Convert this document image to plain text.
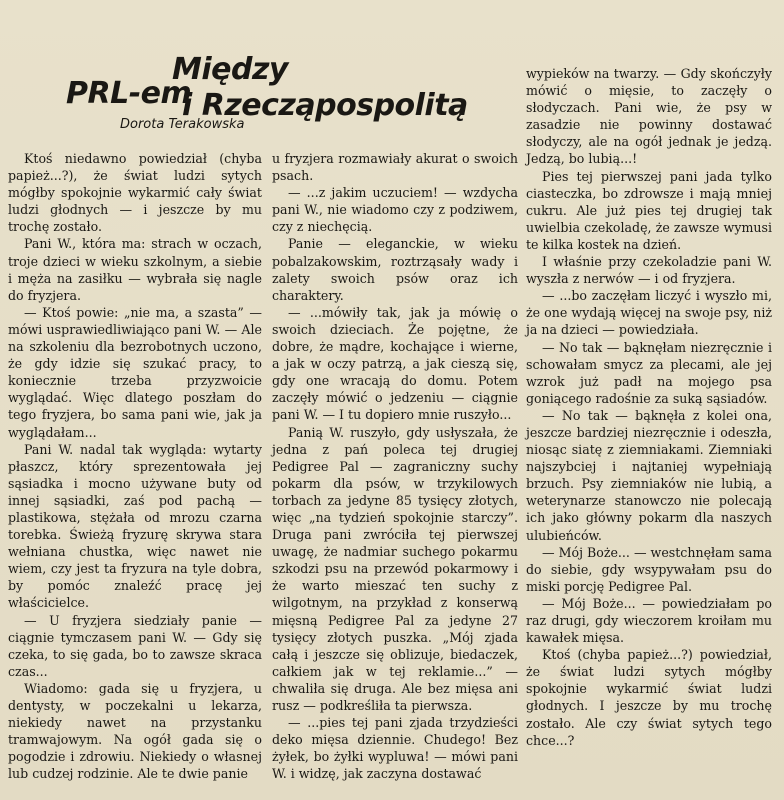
Między
PRL-em
i Rzecząpospolitą
Dorota Terakowska

Ktoś niedawno powiedział (chyba papież...?), że świat ludzi sytych mógłby spokojnie wykarmić cały świat ludzi głodnych — i jeszcze by mu trochę zostało.

Pani W., która ma: strach w oczach, troje dzieci w wieku szkolnym, a siebie i męża na zasiłku — wybrała się nagle do fryzjera.

— Ktoś powie: „nie ma, a szasta” — mówi usprawiedliwiająco pani W. — Ale na szkoleniu dla bezrobotnych uczono, że gdy idzie się szukać pracy, to koniecznie trzeba przyzwoicie wyglądać. Więc dlatego poszłam do tego fryzjera, bo sama pani wie, jak ja wyglądałam...

Pani W. nadal tak wygląda: wytarty płaszcz, który sprezentowała jej sąsiadka i mocno używane buty od innej sąsiadki, zaś pod pachą — plastikowa, stężała od mrozu czarna torebka. Świeżą fryzurę skrywa stara wełniana chustka, więc nawet nie wiem, czy jest ta fryzura na tyle dobra, by pomóc znaleźć pracę jej właścicielce.

— U fryzjera siedziały panie — ciągnie tymczasem pani W. — Gdy się czeka, to się gada, bo to zawsze skraca czas...

Wiadomo: gada się u fryzjera, u dentysty, w poczekalni u lekarza, niekiedy nawet na przystanku tramwajowym. Na ogół gada się o pogodzie i zdrowiu. Niekiedy o własnej lub cudzej rodzinie. Ale te dwie panie

u fryzjera rozmawiały akurat o swoich psach.

— ...z jakim uczuciem! — wzdycha pani W., nie wiadomo czy z podziwem, czy z niechęcią.

Panie — eleganckie, w wieku pobalzakowskim, roztrząsały wady i zalety swoich psów oraz ich charaktery.

— ...mówiły tak, jak ja mówię o swoich dzieciach. Że pojętne, że dobre, że mądre, kochające i wierne, a jak w oczy patrzą, a jak cieszą się, gdy one wracają do domu. Potem zaczęły mówić o jedzeniu — ciągnie pani W. — I tu dopiero mnie ruszyło...

Panią W. ruszyło, gdy usłyszała, że jedna z pań poleca tej drugiej Pedigree Pal — zagraniczny suchy pokarm dla psów, w trzykilowych torbach za jedyne 85 tysięcy złotych, więc „na tydzień spokojnie starczy”. Druga pani zwróciła tej pierwszej uwagę, że nadmiar suchego pokarmu szkodzi psu na przewód pokarmowy i że warto mieszać ten suchy z wilgotnym, na przykład z konserwą mięsną Pedigree Pal za jedyne 27 tysięcy złotych puszka. „Mój zjada całą i jeszcze się oblizuje, biedaczek, całkiem jak w tej reklamie...” — chwaliła się druga. Ale bez mięsa ani rusz — podkreśliła ta pierwsza.

— ...pies tej pani zjada trzydzieści deko mięsa dziennie. Chudego! Bez żyłek, bo żyłki wypluwa! — mówi pani W. i widzę, jak zaczyna dostawać

wypieków na twarzy. — Gdy skończyły mówić o mięsie, to zaczęły o słodyczach. Pani wie, że psy w zasadzie nie powinny dostawać słodyczy, ale na ogół jednak je jedzą. Jedzą, bo lubią...!

Pies tej pierwszej pani jada tylko ciasteczka, bo zdrowsze i mają mniej cukru. Ale już pies tej drugiej tak uwielbia czekoladę, że zawsze wymusi te kilka kostek na dzień.

I właśnie przy czekoladzie pani W. wyszła z nerwów — i od fryzjera.

— ...bo zaczęłam liczyć i wyszło mi, że one wydają więcej na swoje psy, niż ja na dzieci — powiedziała.

— No tak — bąknęłam niezręcznie i schowałam smycz za plecami, ale jej wzrok już padł na mojego psa goniącego radośnie za suką sąsiadów.

— No tak — bąknęła z kolei ona, jeszcze bardziej niezręcznie i odeszła, niosąc siatę z ziemniakami. Ziemniaki najszybciej i najtaniej wypełniają brzuch. Psy ziemniaków nie lubią, a weterynarze stanowczo nie polecają ich jako główny pokarm dla naszych ulubieńców.

— Mój Boże... — westchnęłam sama do siebie, gdy wsypywałam psu do miski porcję Pedigree Pal.

— Mój Boże... — powiedziałam po raz drugi, gdy wieczorem kroiłam mu kawałek mięsa.

Ktoś (chyba papież...?) powiedział, że świat ludzi sytych mógłby spokojnie wykarmić świat ludzi głodnych. I jeszcze by mu trochę zostało. Ale czy świat sytych tego chce...?
